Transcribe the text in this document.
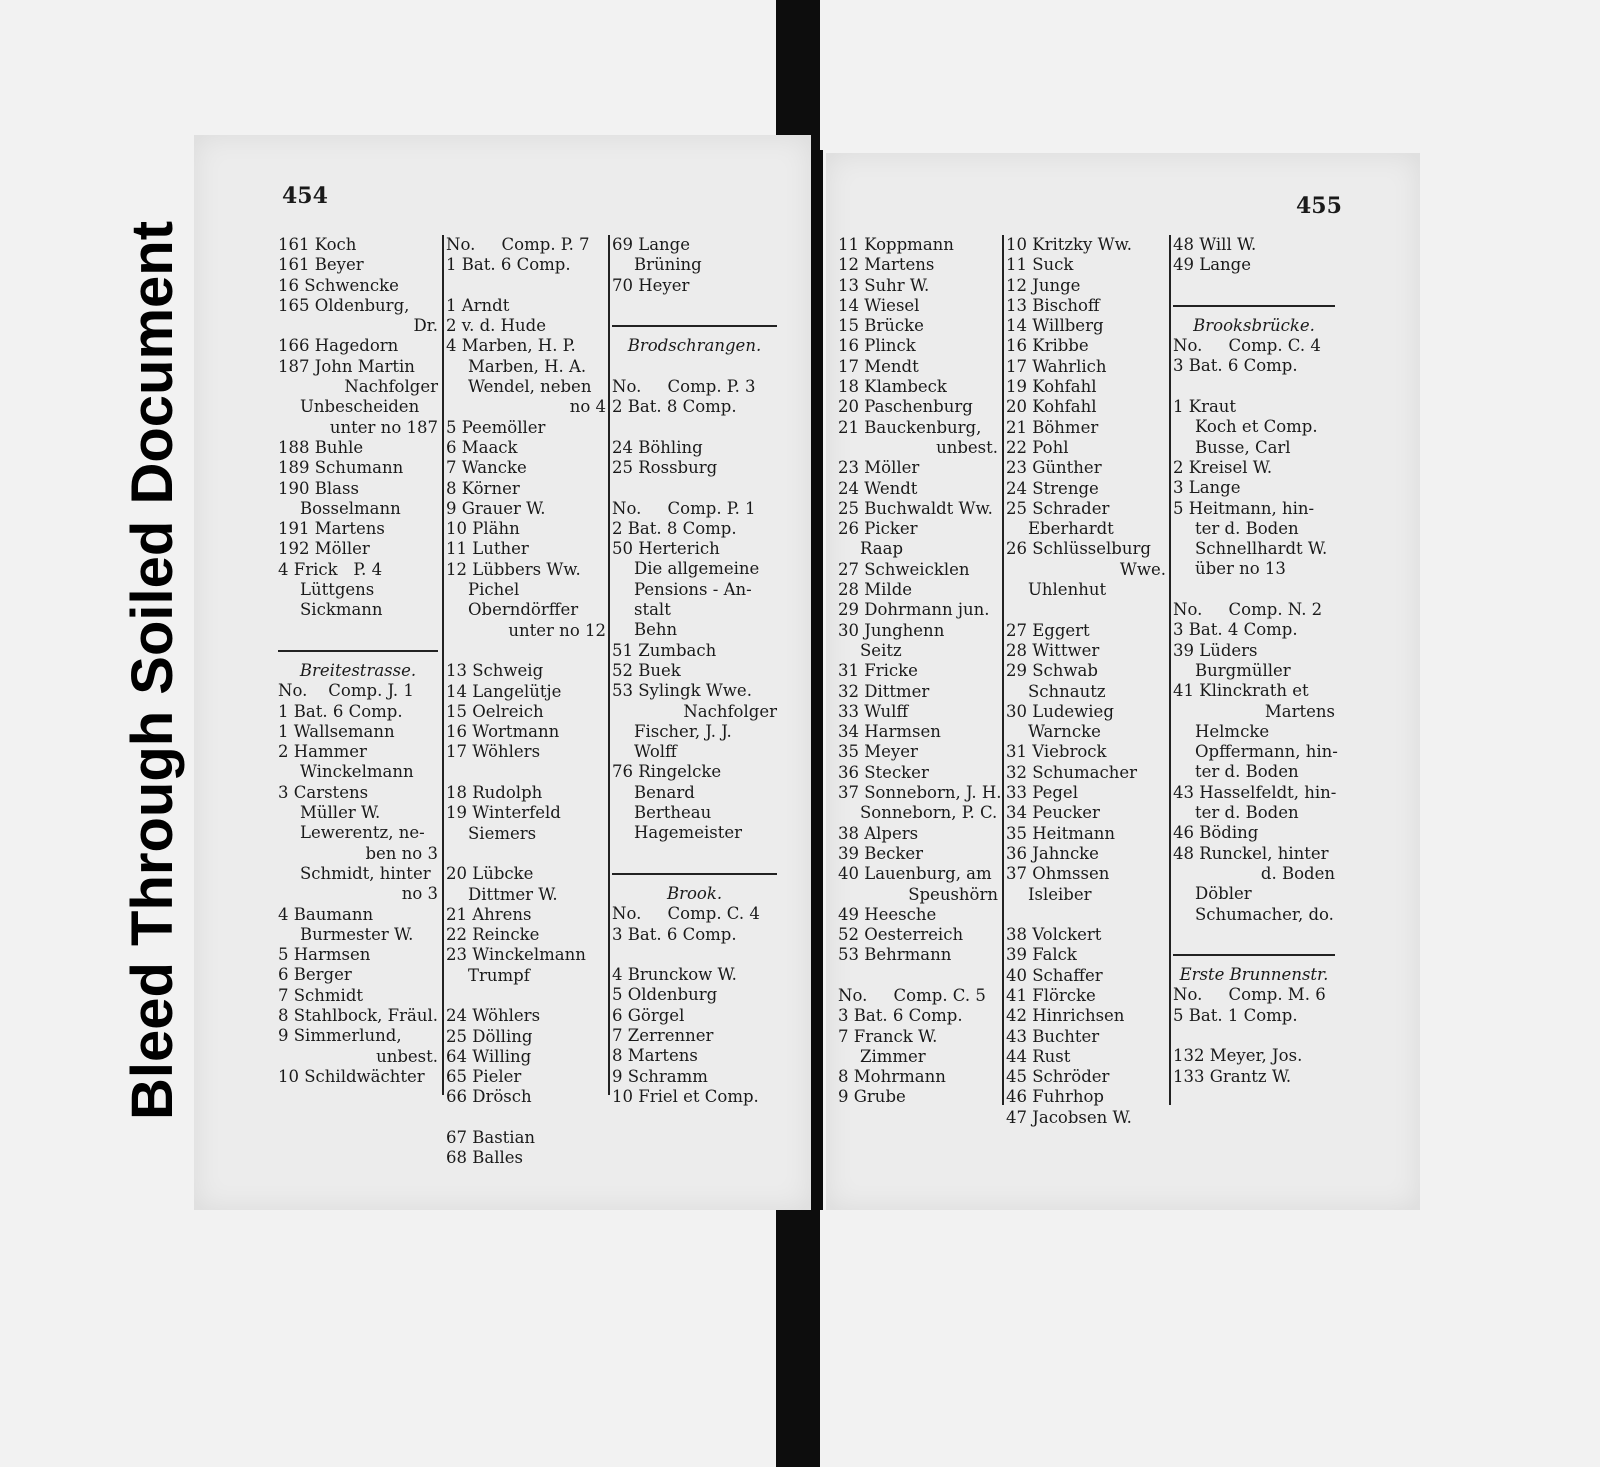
Bleed Through Soiled Document
454
161 Koch
161 Beyer
16 Schwencke
165 Oldenburg,
Dr.
166 Hagedorn
187 John Martin
Nachfolger
Unbescheiden
unter no 187
188 Buhle
189 Schumann
190 Blass
Bosselmann
191 Martens
192 Möller
4 Frick   P. 4
Lüttgens
Sickmann
Breitestrasse.
No.    Comp. J. 1
1 Bat. 6 Comp.
1 Wallsemann
2 Hammer
Winckelmann
3 Carstens
Müller W.
Lewerentz, ne-
ben no 3
Schmidt, hinter
no 3
4 Baumann
Burmester W.
5 Harmsen
6 Berger
7 Schmidt
8 Stahlbock, Fräul.
9 Simmerlund,
unbest.
10 Schildwächter
No.     Comp. P. 7
1 Bat. 6 Comp.
1 Arndt
2 v. d. Hude
4 Marben, H. P.
Marben, H. A.
Wendel, neben
no 4
5 Peemöller
6 Maack
7 Wancke
8 Körner
9 Grauer W.
10 Plähn
11 Luther
12 Lübbers Ww.
Pichel
Oberndörffer
unter no 12
13 Schweig
14 Langelütje
15 Oelreich
16 Wortmann
17 Wöhlers
18 Rudolph
19 Winterfeld
Siemers
20 Lübcke
Dittmer W.
21 Ahrens
22 Reincke
23 Winckelmann
Trumpf
24 Wöhlers
25 Dölling
64 Willing
65 Pieler
66 Drösch
67 Bastian
68 Balles
69 Lange
Brüning
70 Heyer
Brodschrangen.
No.     Comp. P. 3
2 Bat. 8 Comp.
24 Böhling
25 Rossburg
No.     Comp. P. 1
2 Bat. 8 Comp.
50 Herterich
Die allgemeine
Pensions - An-
stalt
Behn
51 Zumbach
52 Buek
53 Sylingk Wwe.
Nachfolger
Fischer, J. J.
Wolff
76 Ringelcke
Benard
Bertheau
Hagemeister
Brook.
No.     Comp. C. 4
3 Bat. 6 Comp.
4 Brunckow W.
5 Oldenburg
6 Görgel
7 Zerrenner
8 Martens
9 Schramm
10 Friel et Comp.
455
11 Koppmann
12 Martens
13 Suhr W.
14 Wiesel
15 Brücke
16 Plinck
17 Mendt
18 Klambeck
20 Paschenburg
21 Bauckenburg,
unbest.
23 Möller
24 Wendt
25 Buchwaldt Ww.
26 Picker
Raap
27 Schweicklen
28 Milde
29 Dohrmann jun.
30 Junghenn
Seitz
31 Fricke
32 Dittmer
33 Wulff
34 Harmsen
35 Meyer
36 Stecker
37 Sonneborn, J. H.
Sonneborn, P. C.
38 Alpers
39 Becker
40 Lauenburg, am
Speushörn
49 Heesche
52 Oesterreich
53 Behrmann
No.     Comp. C. 5
3 Bat. 6 Comp.
7 Franck W.
Zimmer
8 Mohrmann
9 Grube
10 Kritzky Ww.
11 Suck
12 Junge
13 Bischoff
14 Willberg
16 Kribbe
17 Wahrlich
19 Kohfahl
20 Kohfahl
21 Böhmer
22 Pohl
23 Günther
24 Strenge
25 Schrader
Eberhardt
26 Schlüsselburg
Wwe.
Uhlenhut
27 Eggert
28 Wittwer
29 Schwab
Schnautz
30 Ludewieg
Warncke
31 Viebrock
32 Schumacher
33 Pegel
34 Peucker
35 Heitmann
36 Jahncke
37 Ohmssen
Isleiber
38 Volckert
39 Falck
40 Schaffer
41 Flörcke
42 Hinrichsen
43 Buchter
44 Rust
45 Schröder
46 Fuhrhop
47 Jacobsen W.
48 Will W.
49 Lange
Brooksbrücke.
No.     Comp. C. 4
3 Bat. 6 Comp.
1 Kraut
Koch et Comp.
Busse, Carl
2 Kreisel W.
3 Lange
5 Heitmann, hin-
ter d. Boden
Schnellhardt W.
über no 13
No.     Comp. N. 2
3 Bat. 4 Comp.
39 Lüders
Burgmüller
41 Klinckrath et
Martens
Helmcke
Opffermann, hin-
ter d. Boden
43 Hasselfeldt, hin-
ter d. Boden
46 Böding
48 Runckel, hinter
d. Boden
Döbler
Schumacher, do.
Erste Brunnenstr.
No.     Comp. M. 6
5 Bat. 1 Comp.
132 Meyer, Jos.
133 Grantz W.
